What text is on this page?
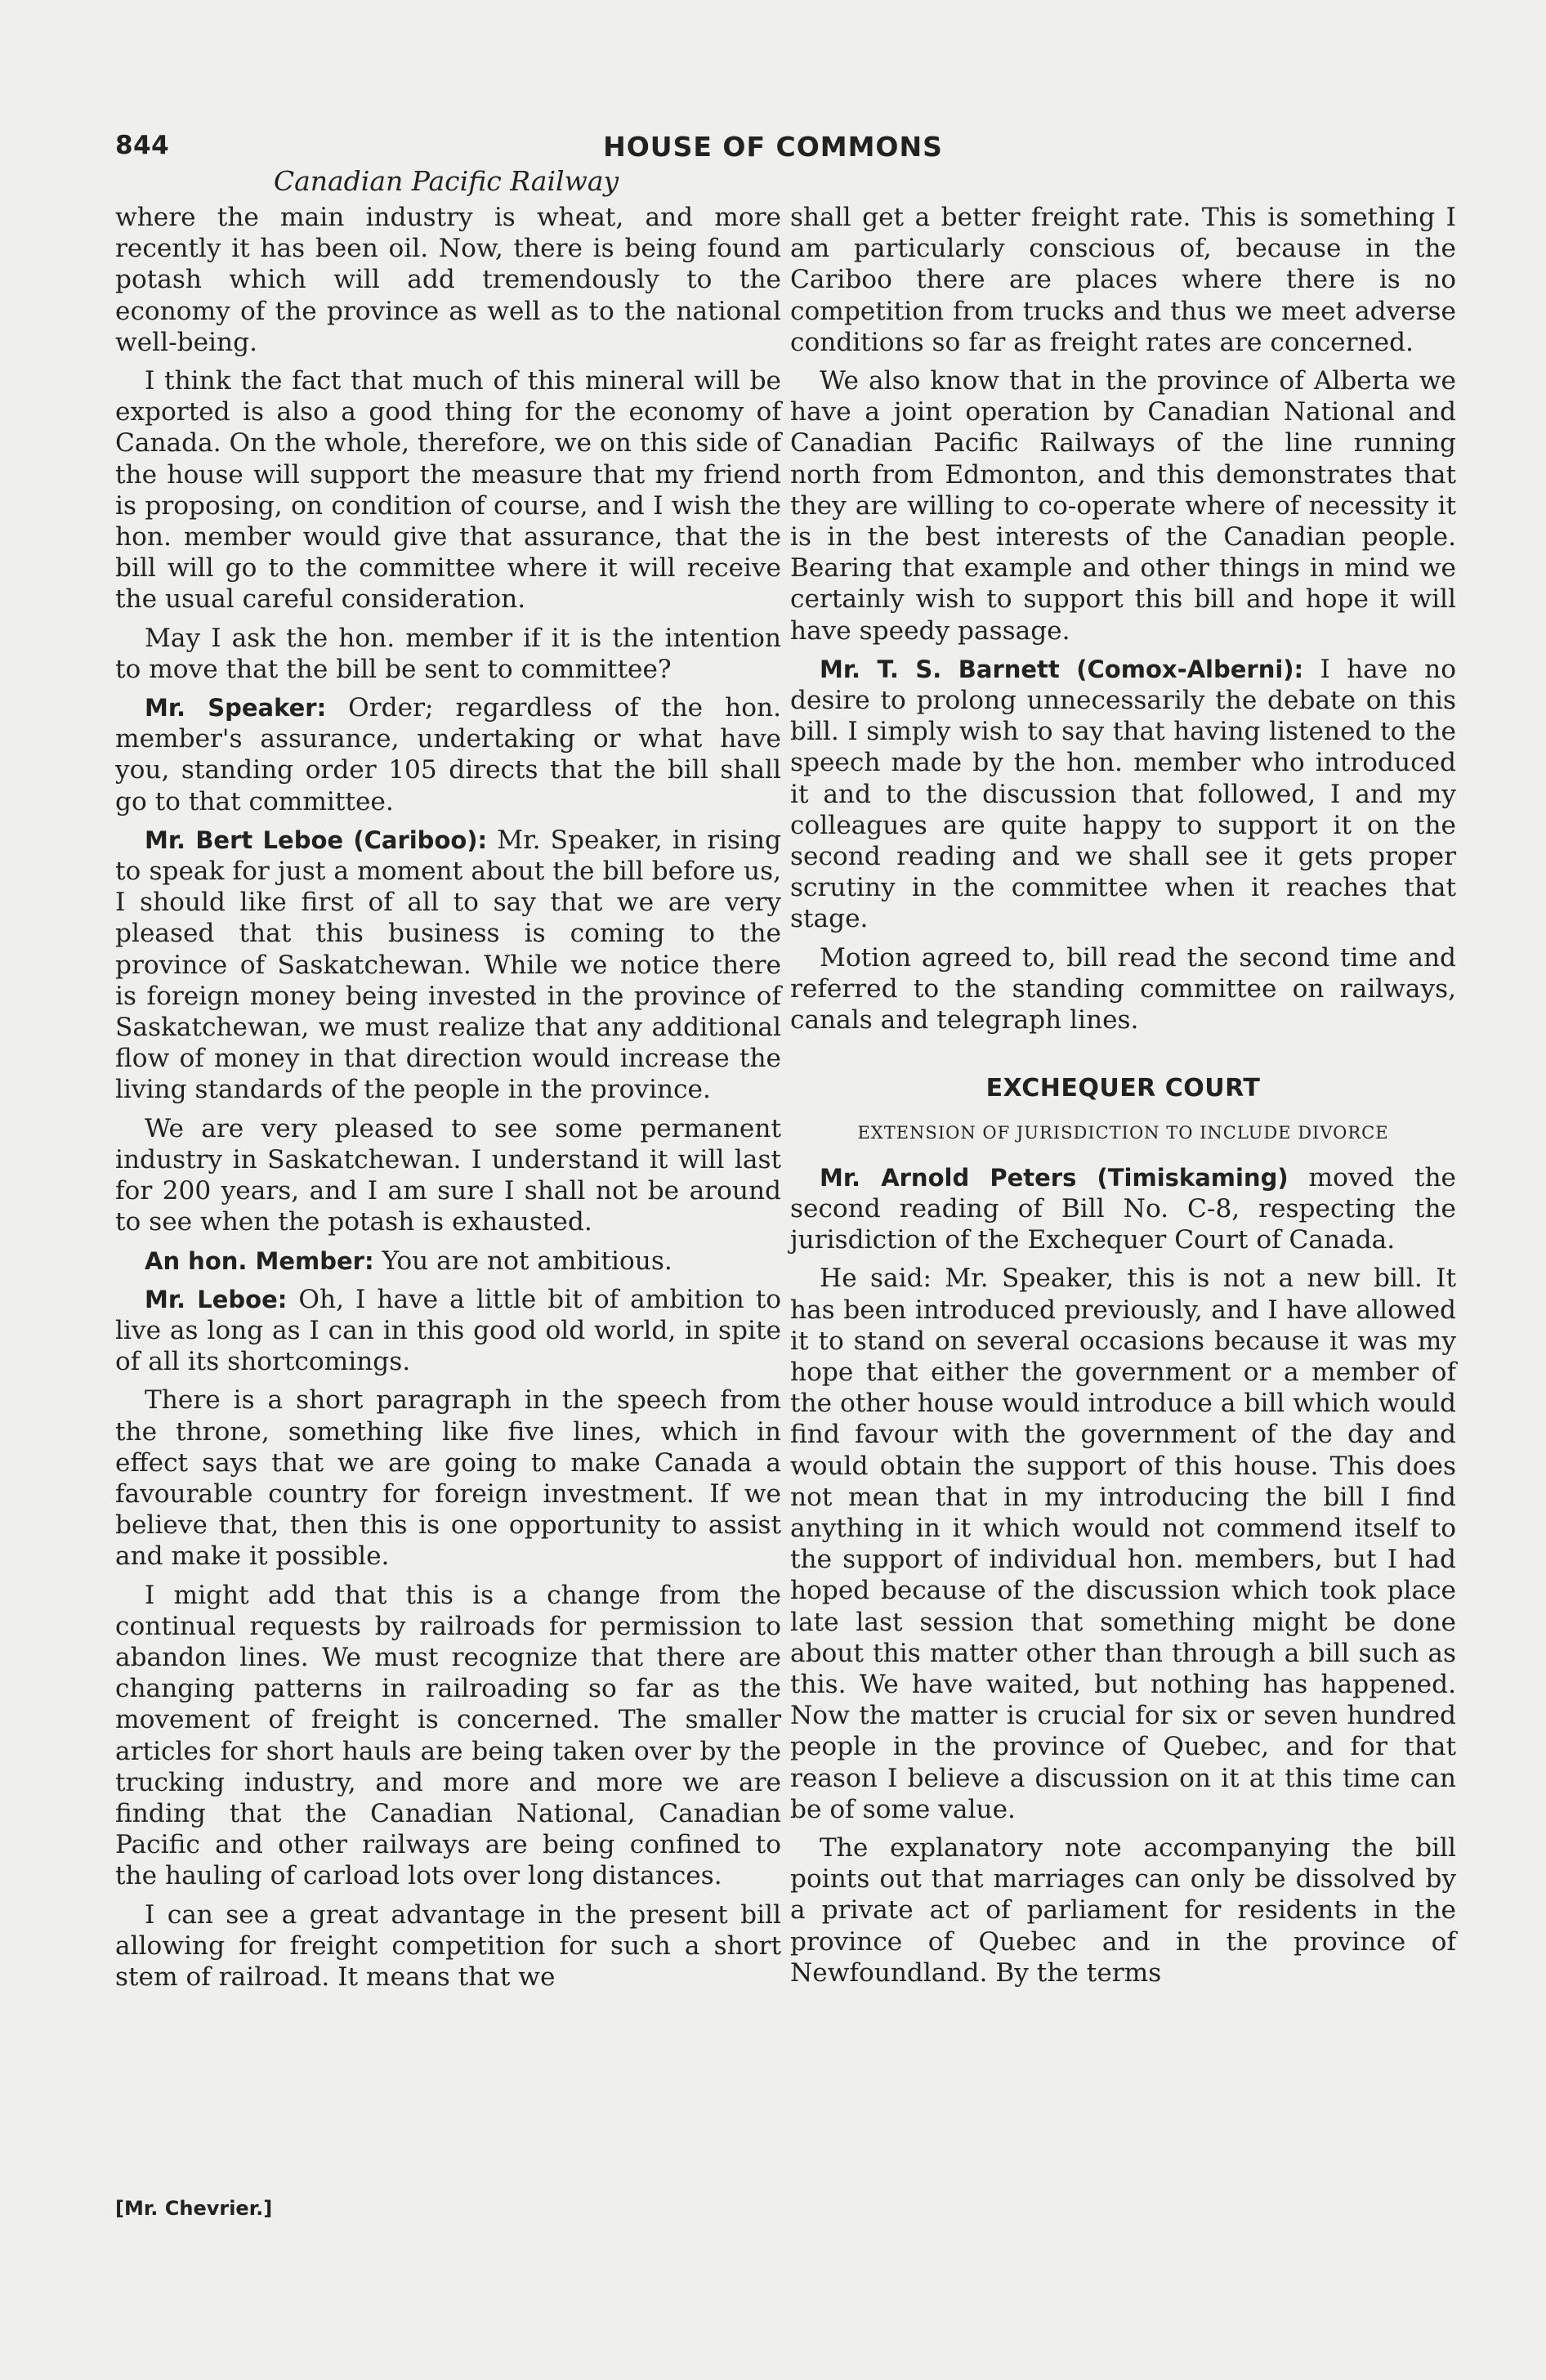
844	HOUSE OF COMMONS
Canadian Pacific Railway

where the main industry is wheat, and more recently it has been oil. Now, there is being found potash which will add tremendously to the economy of the province as well as to the national well-being.

I think the fact that much of this mineral will be exported is also a good thing for the economy of Canada. On the whole, therefore, we on this side of the house will support the measure that my friend is proposing, on condition of course, and I wish the hon. member would give that assurance, that the bill will go to the committee where it will receive the usual careful consideration.

May I ask the hon. member if it is the intention to move that the bill be sent to committee?

Mr. Speaker: Order; regardless of the hon. member's assurance, undertaking or what have you, standing order 105 directs that the bill shall go to that committee.

Mr. Bert Leboe (Cariboo): Mr. Speaker, in rising to speak for just a moment about the bill before us, I should like first of all to say that we are very pleased that this business is coming to the province of Saskatchewan. While we notice there is foreign money being invested in the province of Saskatchewan, we must realize that any additional flow of money in that direction would increase the living standards of the people in the province.

We are very pleased to see some permanent industry in Saskatchewan. I understand it will last for 200 years, and I am sure I shall not be around to see when the potash is exhausted.

An hon. Member: You are not ambitious.

Mr. Leboe: Oh, I have a little bit of ambition to live as long as I can in this good old world, in spite of all its shortcomings.

There is a short paragraph in the speech from the throne, something like five lines, which in effect says that we are going to make Canada a favourable country for foreign investment. If we believe that, then this is one opportunity to assist and make it possible.

I might add that this is a change from the continual requests by railroads for permission to abandon lines. We must recognize that there are changing patterns in railroading so far as the movement of freight is concerned. The smaller articles for short hauls are being taken over by the trucking industry, and more and more we are finding that the Canadian National, Canadian Pacific and other railways are being confined to the hauling of carload lots over long distances.

I can see a great advantage in the present bill allowing for freight competition for such a short stem of railroad. It means that we

shall get a better freight rate. This is something I am particularly conscious of, because in the Cariboo there are places where there is no competition from trucks and thus we meet adverse conditions so far as freight rates are concerned.

We also know that in the province of Alberta we have a joint operation by Canadian National and Canadian Pacific Railways of the line running north from Edmonton, and this demonstrates that they are willing to co-operate where of necessity it is in the best interests of the Canadian people. Bearing that example and other things in mind we certainly wish to support this bill and hope it will have speedy passage.

Mr. T. S. Barnett (Comox-Alberni): I have no desire to prolong unnecessarily the debate on this bill. I simply wish to say that having listened to the speech made by the hon. member who introduced it and to the discussion that followed, I and my colleagues are quite happy to support it on the second reading and we shall see it gets proper scrutiny in the committee when it reaches that stage.

Motion agreed to, bill read the second time and referred to the standing committee on railways, canals and telegraph lines.

EXCHEQUER COURT
EXTENSION OF JURISDICTION TO INCLUDE DIVORCE

Mr. Arnold Peters (Timiskaming) moved the second reading of Bill No. C-8, respecting the jurisdiction of the Exchequer Court of Canada.

He said: Mr. Speaker, this is not a new bill. It has been introduced previously, and I have allowed it to stand on several occasions because it was my hope that either the government or a member of the other house would introduce a bill which would find favour with the government of the day and would obtain the support of this house. This does not mean that in my introducing the bill I find anything in it which would not commend itself to the support of individual hon. members, but I had hoped because of the discussion which took place late last session that something might be done about this matter other than through a bill such as this. We have waited, but nothing has happened. Now the matter is crucial for six or seven hundred people in the province of Quebec, and for that reason I believe a discussion on it at this time can be of some value.

The explanatory note accompanying the bill points out that marriages can only be dissolved by a private act of parliament for residents in the province of Quebec and in the province of Newfoundland. By the terms

[Mr. Chevrier.]
